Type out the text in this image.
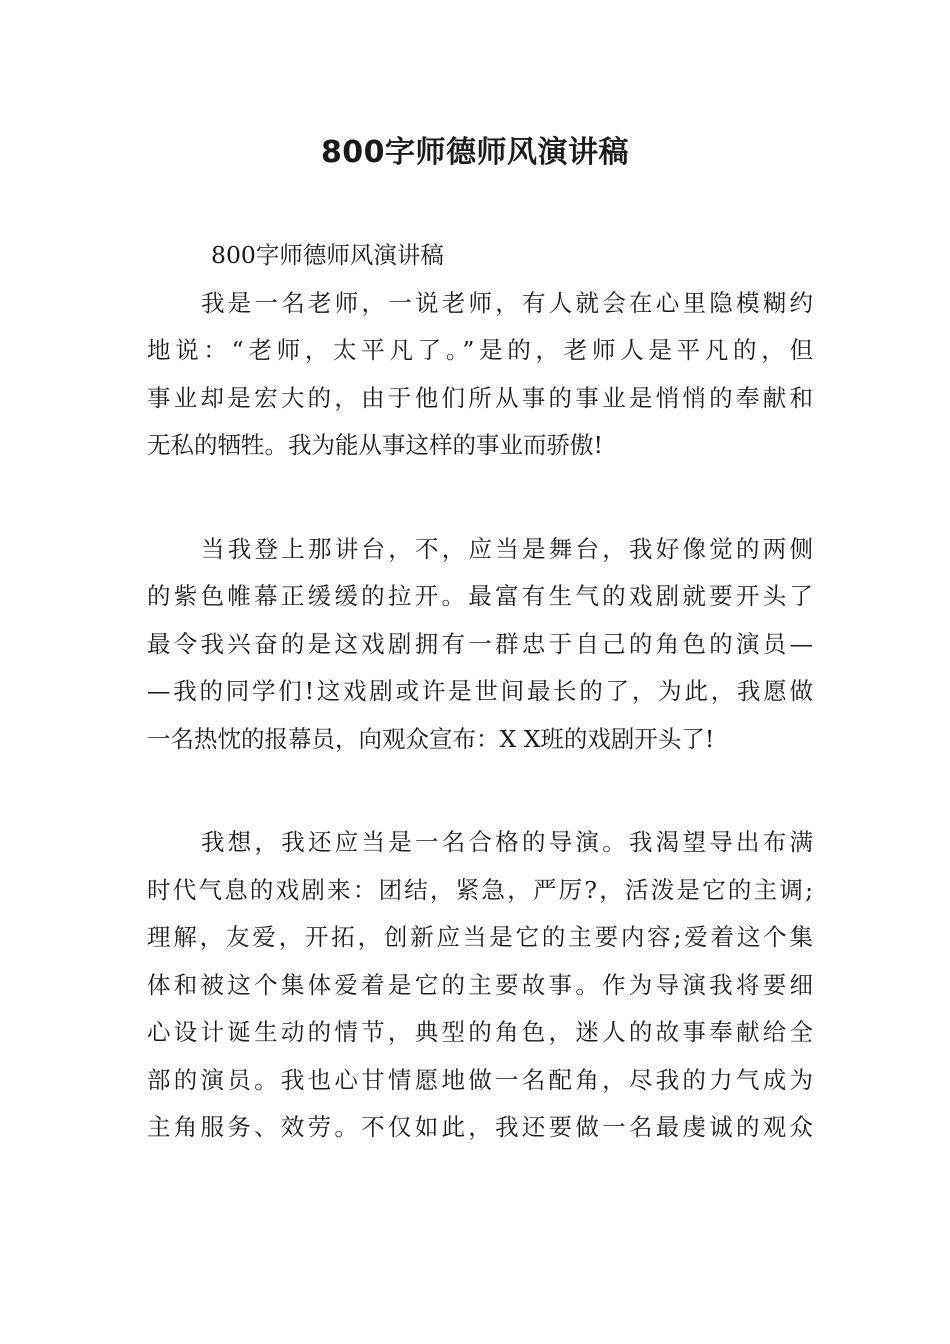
800字师德师风演讲稿
800字师德师风演讲稿
我是一名老师，一说老师，有人就会在心里隐模糊约
地说：“老师，太平凡了。”是的，老师人是平凡的，但
事业却是宏大的，由于他们所从事的事业是悄悄的奉献和
无私的牺牲。我为能从事这样的事业而骄傲!
当我登上那讲台，不，应当是舞台，我好像觉的两侧
的紫色帷幕正缓缓的拉开。最富有生气的戏剧就要开头了
最令我兴奋的是这戏剧拥有一群忠于自己的角色的演员—
—我的同学们!这戏剧或许是世间最长的了，为此，我愿做
一名热忱的报幕员，向观众宣布：X X班的戏剧开头了!
我想，我还应当是一名合格的导演。我渴望导出布满
时代气息的戏剧来：团结，紧急，严厉?，活泼是它的主调;
理解，友爱，开拓，创新应当是它的主要内容;爱着这个集
体和被这个集体爱着是它的主要故事。作为导演我将要细
心设计诞生动的情节，典型的角色，迷人的故事奉献给全
部的演员。我也心甘情愿地做一名配角，尽我的力气成为
主角服务、效劳。不仅如此，我还要做一名最虔诚的观众
